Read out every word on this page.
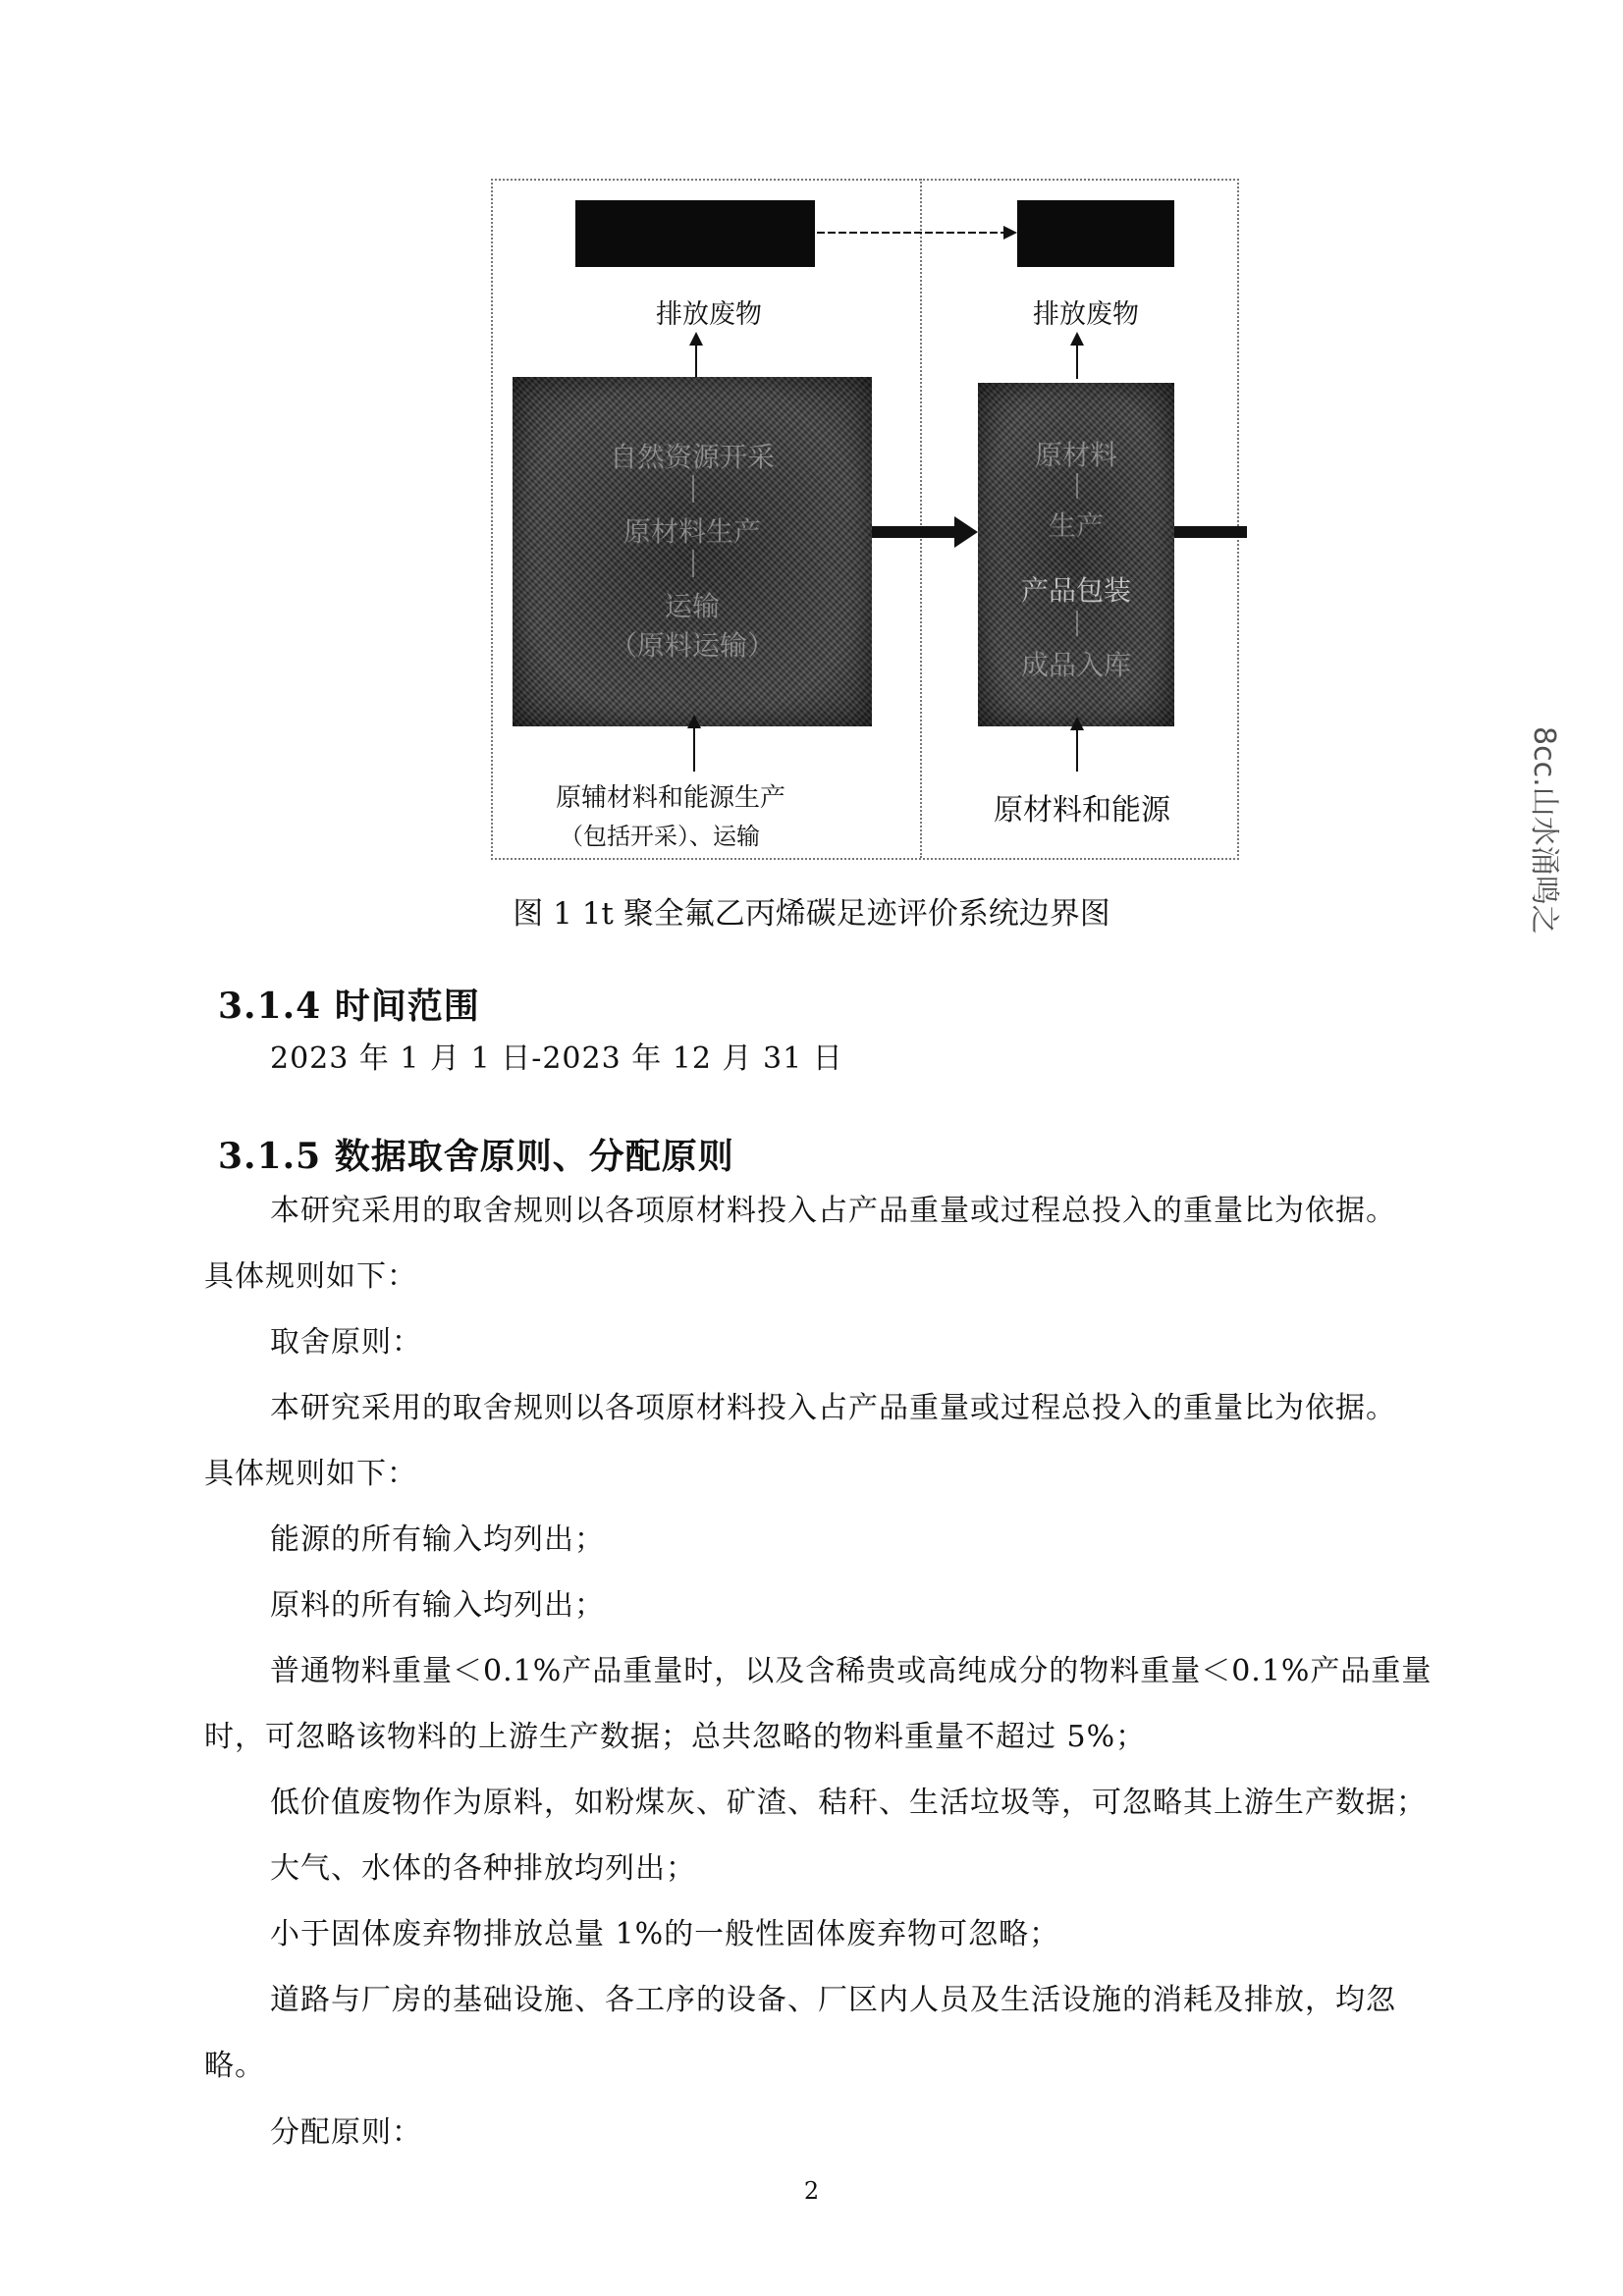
排放废物	排放废物
自然资源开采
原材料生产
运输
（原料运输）
原材料
生产
产品包装
成品入库
原辅材料和能源生产
（包括开采）、运输
原材料和能源
图 1 1t 聚全氟乙丙烯碳足迹评价系统边界图
3.1.4 时间范围
2023 年 1 月 1 日-2023 年 12 月 31 日
3.1.5 数据取舍原则、分配原则
本研究采用的取舍规则以各项原材料投入占产品重量或过程总投入的重量比为依据。
具体规则如下：
取舍原则：
本研究采用的取舍规则以各项原材料投入占产品重量或过程总投入的重量比为依据。
具体规则如下：
能源的所有输入均列出；
原料的所有输入均列出；
普通物料重量＜0.1%产品重量时，以及含稀贵或高纯成分的物料重量＜0.1%产品重量
时，可忽略该物料的上游生产数据；总共忽略的物料重量不超过 5%；
低价值废物作为原料，如粉煤灰、矿渣、秸秆、生活垃圾等，可忽略其上游生产数据；
大气、水体的各种排放均列出；
小于固体废弃物排放总量 1%的一般性固体废弃物可忽略；
道路与厂房的基础设施、各工序的设备、厂区内人员及生活设施的消耗及排放，均忽
略。
分配原则：
2
8cc.山水涌鸣之
